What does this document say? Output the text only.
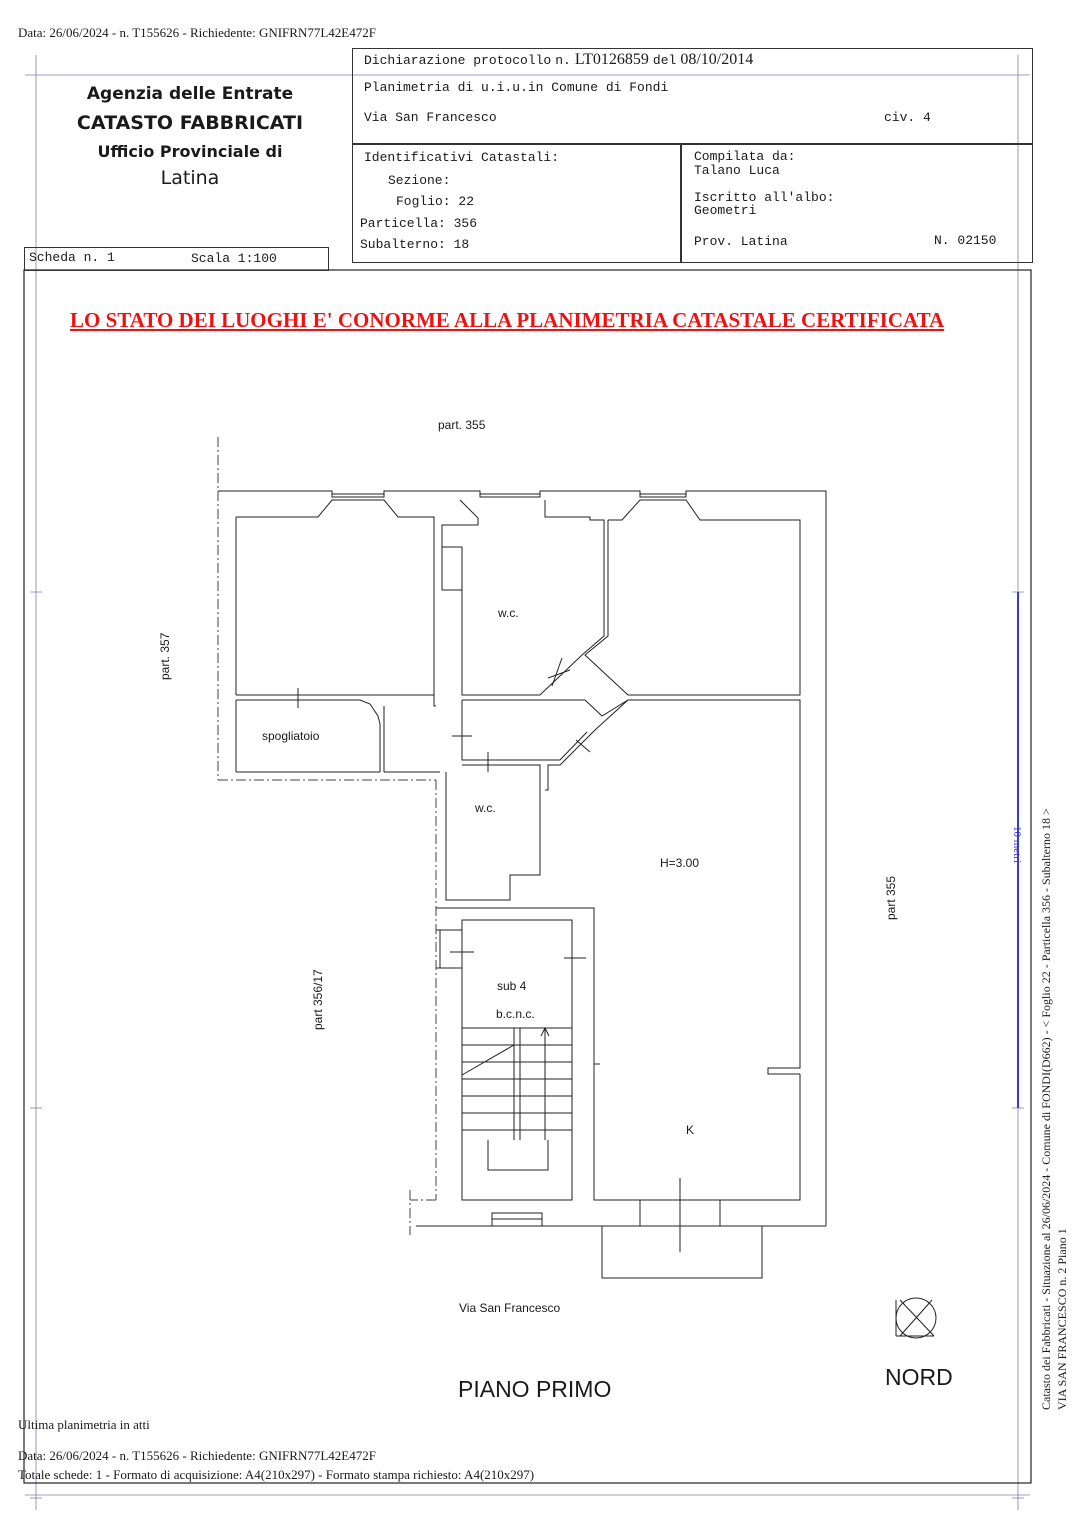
Data: 26/06/2024 - n. T155626 - Richiedente: GNIFRN77L42E472F
Agenzia delle Entrate
CATASTO FABBRICATI
Ufficio Provinciale di
Latina
Dichiarazione protocollo n. LT0126859 del 08/10/2014
Planimetria di u.i.u.in Comune di Fondi
Via San Francesco	civ. 4
Identificativi Catastali:
Sezione:
Foglio: 22
Particella: 356
Subalterno: 18
Compilata da:
Talano Luca
Iscritto all'albo:
Geometri
Prov. Latina	N. 02150
Scheda n. 1	Scala 1:100
LO STATO DEI LUOGHI E' CONORME ALLA PLANIMETRIA CATASTALE CERTIFICATA
part. 355
part. 357
part 355
part 356/17
w.c.
w.c.
spogliatoio
H=3.00
sub 4
b.c.n.c.
K
Via San Francesco
PIANO PRIMO	NORD
10 metri Catasto dei Fabbricati - Situazione al 26/06/2024 - Comune di FONDI(D662) - < Foglio 22 - Particella 356 - Subalterno 18 > VIA SAN FRANCESCO n. 2 Piano 1
Ultima planimetria in atti
Data: 26/06/2024 - n. T155626 - Richiedente: GNIFRN77L42E472F
Totale schede: 1 - Formato di acquisizione: A4(210x297) - Formato stampa richiesto: A4(210x297)
